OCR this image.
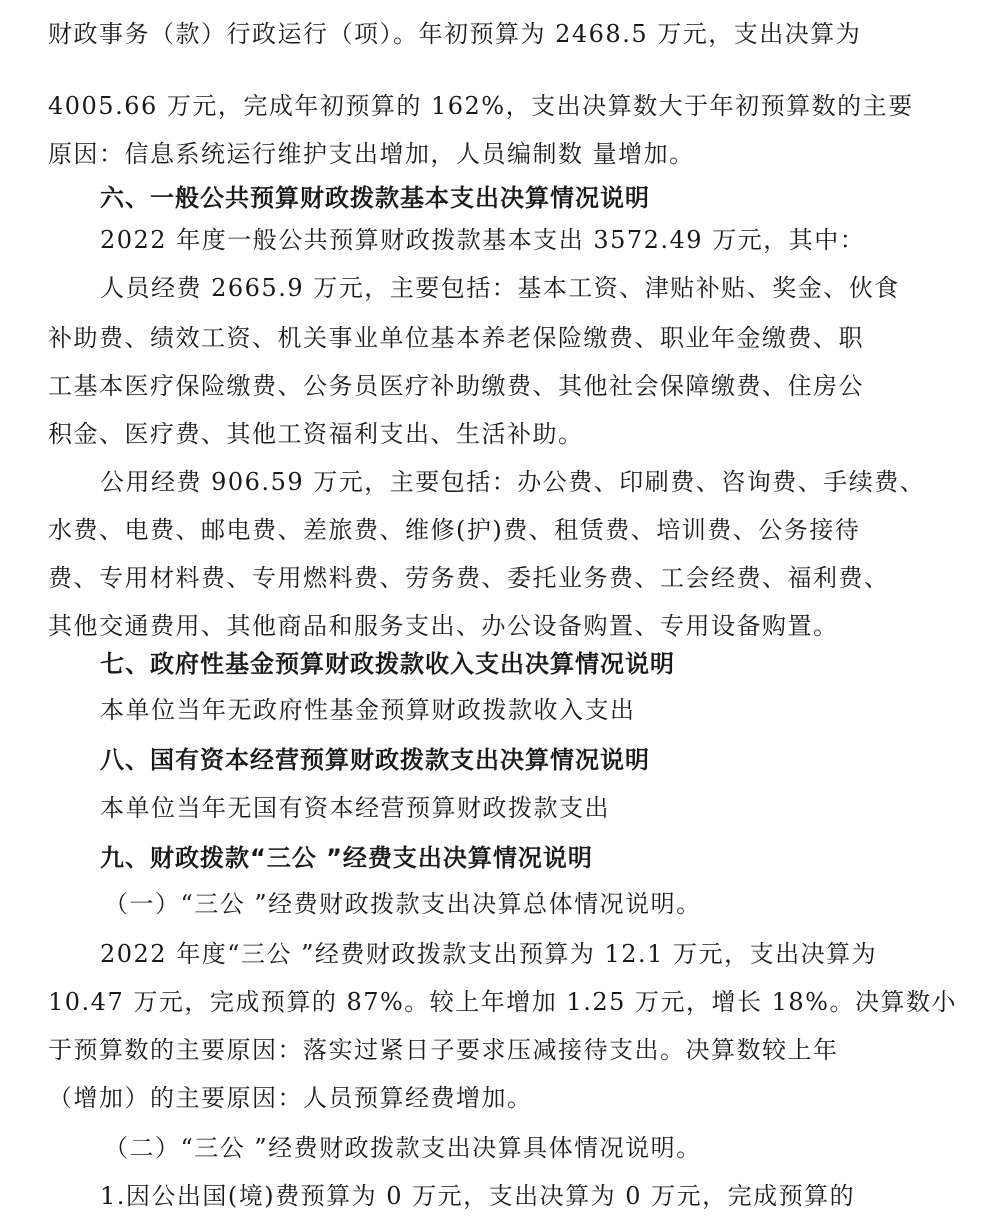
财政事务（款）行政运行（项）。年初预算为 2468.5 万元，支出决算为
4005.66 万元，完成年初预算的 162%，支出决算数大于年初预算数的主要
原因：信息系统运行维护支出增加，人员编制数 量增加。
六、一般公共预算财政拨款基本支出决算情况说明
2022 年度一般公共预算财政拨款基本支出 3572.49 万元，其中：
人员经费 2665.9 万元，主要包括：基本工资、津贴补贴、奖金、伙食
补助费、绩效工资、机关事业单位基本养老保险缴费、职业年金缴费、职
工基本医疗保险缴费、公务员医疗补助缴费、其他社会保障缴费、住房公
积金、医疗费、其他工资福利支出、生活补助。
公用经费 906.59 万元，主要包括：办公费、印刷费、咨询费、手续费、
水费、电费、邮电费、差旅费、维修(护)费、租赁费、培训费、公务接待
费、专用材料费、专用燃料费、劳务费、委托业务费、工会经费、福利费、
其他交通费用、其他商品和服务支出、办公设备购置、专用设备购置。
七、政府性基金预算财政拨款收入支出决算情况说明
本单位当年无政府性基金预算财政拨款收入支出
八、国有资本经营预算财政拨款支出决算情况说明
本单位当年无国有资本经营预算财政拨款支出
九、财政拨款“三公 ”经费支出决算情况说明
（一）“三公 ”经费财政拨款支出决算总体情况说明。
2022 年度“三公 ”经费财政拨款支出预算为 12.1 万元，支出决算为
10.47 万元，完成预算的 87%。较上年增加 1.25 万元，增长 18%。决算数小
于预算数的主要原因：落实过紧日子要求压减接待支出。决算数较上年
（增加）的主要原因：人员预算经费增加。
（二）“三公 ”经费财政拨款支出决算具体情况说明。
1.因公出国(境)费预算为 0 万元，支出决算为 0 万元，完成预算的
